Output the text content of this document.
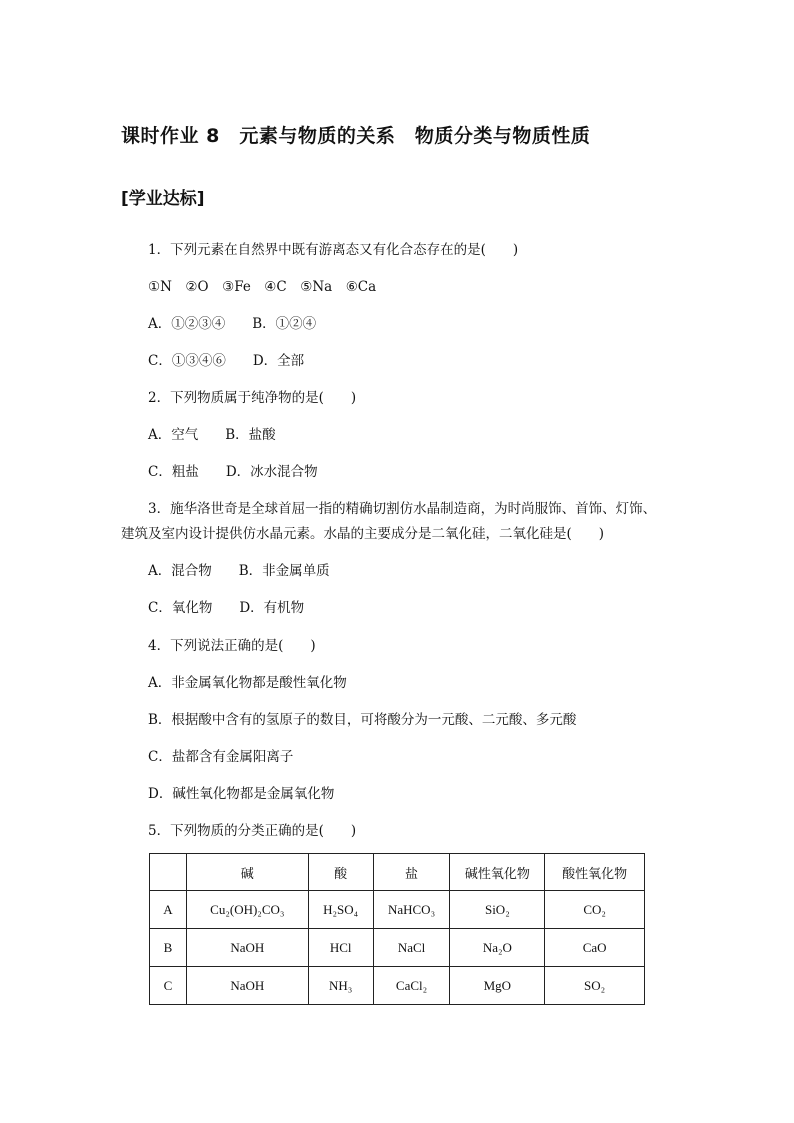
课时作业 8　元素与物质的关系　物质分类与物质性质
[学业达标]
1．下列元素在自然界中既有游离态又有化合态存在的是(　　)
①N　②O　③Fe　④C　⑤Na　⑥Ca
A．①②③④　　B．①②④
C．①③④⑥　　D．全部
2．下列物质属于纯净物的是(　　)
A．空气　　B．盐酸
C．粗盐　　D．冰水混合物
3．施华洛世奇是全球首屈一指的精确切割仿水晶制造商，为时尚服饰、首饰、灯饰、
建筑及室内设计提供仿水晶元素。水晶的主要成分是二氧化硅，二氧化硅是(　　)
A．混合物　　B．非金属单质
C．氧化物　　D．有机物
4．下列说法正确的是(　　)
A．非金属氧化物都是酸性氧化物
B．根据酸中含有的氢原子的数目，可将酸分为一元酸、二元酸、多元酸
C．盐都含有金属阳离子
D．碱性氧化物都是金属氧化物
5．下列物质的分类正确的是(　　)
	碱	酸	盐	碱性氧化物	酸性氧化物
A	Cu₂(OH)₂CO₃	H₂SO₄	NaHCO₃	SiO₂	CO₂
B	NaOH	HCl	NaCl	Na₂O	CaO
C	NaOH	NH₃	CaCl₂	MgO	SO₂
